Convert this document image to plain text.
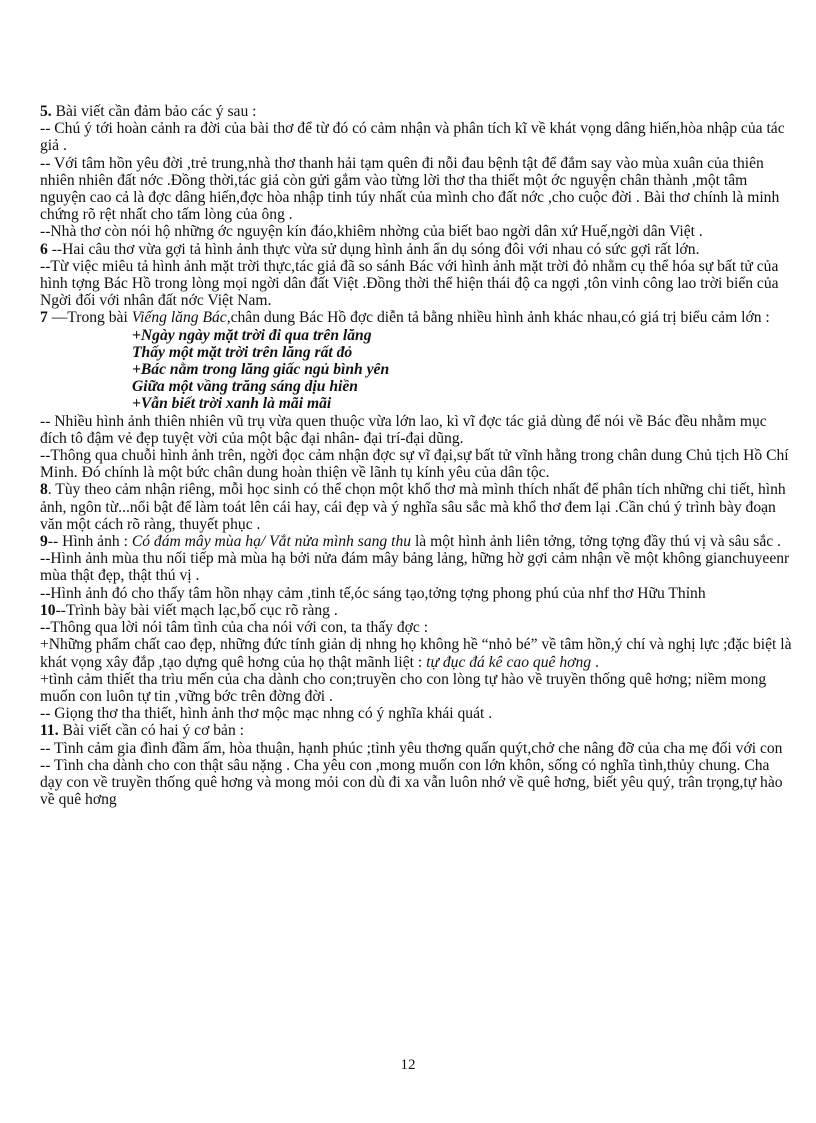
5. Bài viết cần đảm bảo các ý sau :

-- Chú ý tới hoàn cảnh ra đời của bài thơ để từ đó có cảm nhận và phân tích kĩ về khát vọng dâng hiến,hòa nhập của tác giả .

-- Với tâm hồn yêu đời ,trẻ trung,nhà thơ thanh hải tạm quên đi nỗi đau bệnh tật để đắm say vào mùa xuân của thiên nhiên nhiên đất nớc .Đồng thời,tác giả còn gửi gắm vào từng lời thơ tha thiết một ớc nguyện chân thành ,một tâm nguyện cao cả là đợc dâng hiến,đợc hòa nhập tinh túy nhất của mình cho đất nớc ,cho cuộc đời . Bài thơ chính là minh chứng rõ rệt nhất cho tấm lòng của ông .

--Nhà thơ còn nói hộ những ớc nguyện kín đáo,khiêm nhờng của biết bao ngời dân xứ Huế,ngời dân Việt .

6 --Hai câu thơ vừa gợi tả hình ảnh thực vừa sử dụng hình ảnh ẩn dụ sóng đôi với nhau có sức gợi rất lớn.

--Từ việc miêu tả hình ảnh mặt trời thực,tác giả đã so sánh Bác với hình ảnh mặt trời đỏ nhằm cụ thể hóa sự bất tử của hình tợng Bác Hồ trong lòng mọi ngời dân đất Việt .Đồng thời thể hiện thái độ ca ngợi ,tôn vinh công lao trời biển của Ngời đối với nhân đất nớc Việt Nam.

7 —Trong bài Viếng lăng Bác,chân dung Bác Hồ đợc diễn tả bằng nhiều hình ảnh khác nhau,có giá trị biểu cảm lớn :

+Ngày ngày mặt trời đi qua trên lăng

Thấy một mặt trời trên lăng rất đỏ

+Bác nằm trong lăng giấc ngủ bình yên

Giữa một vầng trăng sáng dịu hiền

+Vẫn biết trời xanh là mãi mãi

-- Nhiều hình ảnh thiên nhiên vũ trụ vừa quen thuộc vừa lớn lao, kì vĩ đợc tác giả dùng để nói về Bác đều nhằm mục đích tô đậm vẻ đẹp tuyệt vời của một bậc đại nhân- đại trí-đại dũng.

--Thông qua chuỗi hình ảnh trên, ngời đọc cảm nhận đợc sự vĩ đại,sự bất tử vĩnh hằng trong chân dung Chủ tịch Hồ Chí Minh. Đó chính là một bức chân dung hoàn thiện về lãnh tụ kính yêu của dân tộc.

8. Tùy theo cảm nhận riêng, mỗi học sinh có thể chọn một khổ thơ mà mình thích nhất để phân tích những chi tiết, hình ảnh, ngôn từ...nổi bật để làm toát lên cái hay, cái đẹp và ý nghĩa sâu sắc mà khổ thơ đem lại .Cần chú ý trình bày đoạn văn một cách rõ ràng, thuyết phục .

9-- Hình ảnh : Có đám mây mùa hạ/ Vắt nửa mình sang thu là một hình ảnh liên tởng, tởng tợng đầy thú vị và sâu sắc .

--Hình ảnh mùa thu nối tiếp mà mùa hạ bởi nửa đám mây bảng lảng, hững hờ gợi cảm nhận về một không gianchuyeenr mùa thật đẹp, thật thú vị .

--Hình ảnh đó cho thấy tâm hồn nhạy cảm ,tinh tế,óc sáng tạo,tởng tợng phong phú của nhf thơ Hữu Thỉnh

10--Trình bày bài viết mạch lạc,bố cục rõ ràng .

--Thông qua lời nói tâm tình của cha nói với con, ta thấy đợc :

+Những phẩm chất cao đẹp, những đức tính giản dị nhng họ không hề “nhỏ bé” về tâm hồn,ý chí và nghị lực ;đặc biệt là khát vọng xây đắp ,tạo dựng quê hơng của họ thật mãnh liệt : tự đục đá kê cao quê hơng .

+tình cảm thiết tha trìu mến của cha dành cho con;truyền cho con lòng tự hào về truyền thống quê hơng; niềm mong muốn con luôn tự tin ,vững bớc trên đờng đời .

-- Giọng thơ tha thiết, hình ảnh thơ mộc mạc nhng có ý nghĩa khái quát .

11. Bài viết cần có hai ý cơ bản :

-- Tình cảm gia đình đầm ấm, hòa thuận, hạnh phúc ;tình yêu thơng quấn quýt,chở che nâng đỡ của cha mẹ đối với con

-- Tình cha dành cho con thật sâu nặng . Cha yêu con ,mong muốn con lớn khôn, sống có nghĩa tình,thủy chung. Cha dạy con về truyền thống quê hơng và mong mỏi con dù đi xa vẫn luôn nhớ về quê hơng, biết yêu quý, trân trọng,tự hào về quê hơng

12
